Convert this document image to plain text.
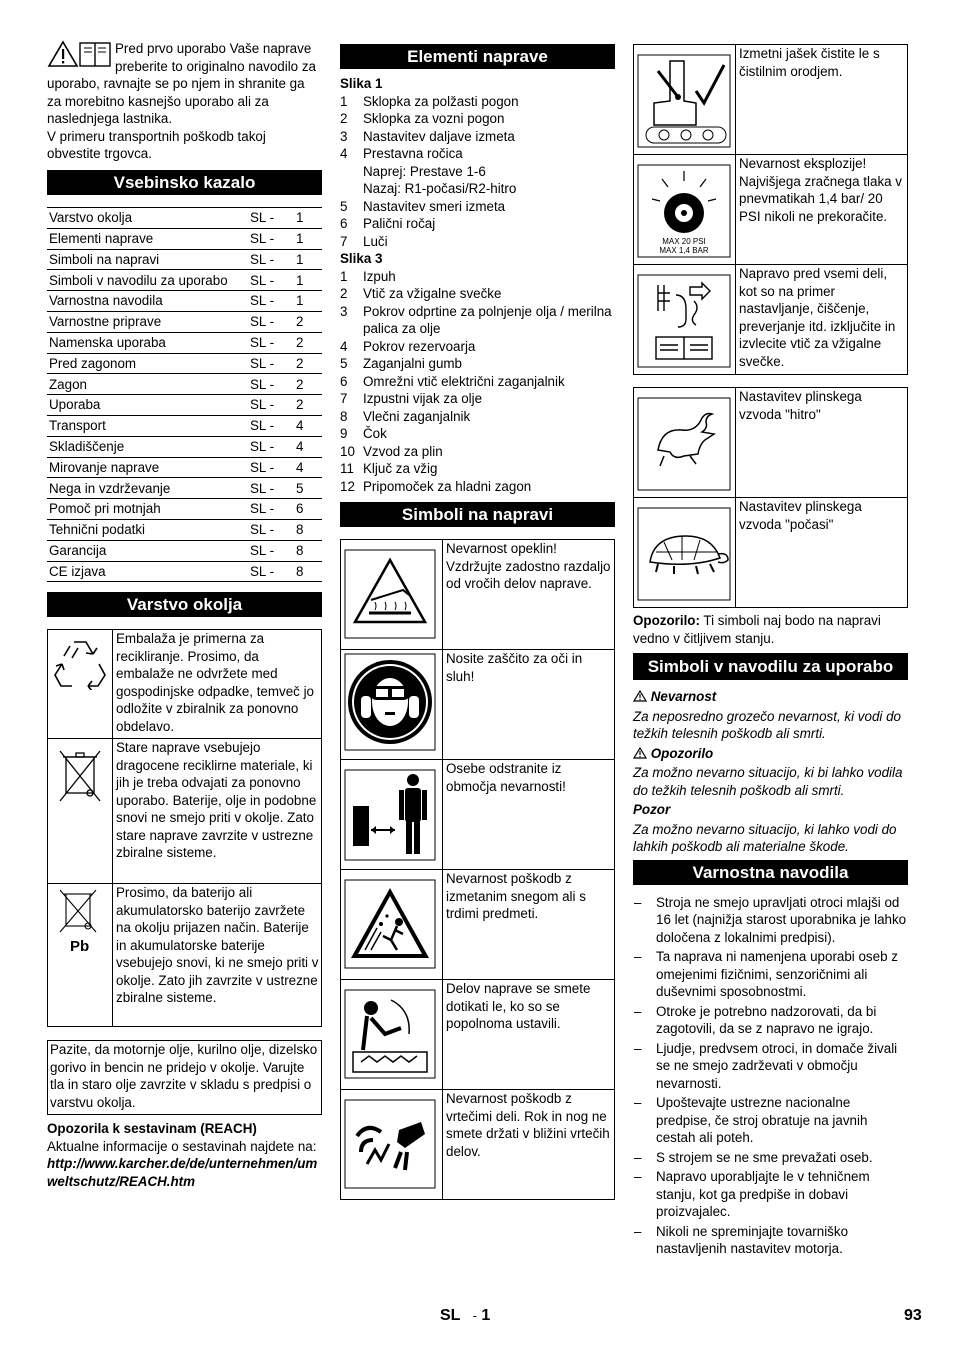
Pred prvo uporabo Vaše naprave preberite to originalno navodilo za uporabo, ravnajte se po njem in shranite ga za morebitno kasnejšo uporabo ali za naslednjega lastnika.

V primeru transportnih poškodb takoj obvestite trgovca.

Vsebinsko kazalo
Varstvo okolja	SL -	1
Elementi naprave	SL -	1
Simboli na napravi	SL -	1
Simboli v navodilu za uporabo	SL -	1
Varnostna navodila	SL -	1
Varnostne priprave	SL -	2
Namenska uporaba	SL -	2
Pred zagonom	SL -	2
Zagon	SL -	2
Uporaba	SL -	2
Transport	SL -	4
Skladiščenje	SL -	4
Mirovanje naprave	SL -	4
Nega in vzdrževanje	SL -	5
Pomoč pri motnjah	SL -	6
Tehnični podatki	SL -	8
Garancija	SL -	8
CE izjava	SL -	8
Varstvo okolja
	Embalaža je primerna za recikliranje. Prosimo, da embalaže ne odvržete med gospodinjske odpadke, temveč jo odložite v zbiralnik za ponovno obdelavo.

	Stare naprave vsebujejo dragocene reciklirne materiale, ki jih je treba odvajati za ponovno uporabo. Baterije, olje in podobne snovi ne smejo priti v okolje. Zato stare naprave zavrzite v ustrezne zbiralne sisteme.

Pb	Prosimo, da baterijo ali akumulatorsko baterijo zavržete na okolju prijazen način. Baterije in akumulatorske baterije vsebujejo snovi, ki ne smejo priti v okolje. Zato jih zavrzite v ustrezne zbiralne sisteme.
Pazite, da motornje olje, kurilno olje, dizelsko gorivo in bencin ne pridejo v okolje. Varujte tla in staro olje zavrzite v skladu s predpisi o varstvu okolja.

Opozorila k sestavinam (REACH)

Aktualne informacije o sestavinah najdete na:

http://www.karcher.de/de/unternehmen/umweltschutz/REACH.htm

Elementi naprave

Slika 1

1 Sklopka za polžasti pogon
2 Sklopka za vozni pogon
3 Nastavitev daljave izmeta
4 Prestavna ročica
Naprej: Prestave 1-6
Nazaj: R1-počasi/R2-hitro
5 Nastavitev smeri izmeta
6 Palični ročaj
7 Luči

Slika 3

1 Izpuh
2 Vtič za vžigalne svečke
3 Pokrov odprtine za polnjenje olja / merilna palica za olje
4 Pokrov rezervoarja
5 Zaganjalni gumb
6 Omrežni vtič električni zaganjalnik
7 Izpustni vijak za olje
8 Vlečni zaganjalnik
9 Čok
10 Vzvod za plin
11 Ključ za vžig
12 Pripomoček za hladni zagon
Simboli na napravi
	Nevarnost opeklin! Vzdržujte zadostno razdaljo od vročih delov naprave.

	Nosite zaščito za oči in sluh!

	Osebe odstranite iz območja nevarnosti!

	Nevarnost poškodb z izmetanim snegom ali s trdimi predmeti.

	Delov naprave se smete dotikati le, ko so se popolnoma ustavili.

	Nevarnost poškodb z vrtečimi deli. Rok in nog ne smete držati v bližini vrtečih delov.
	Izmetni jašek čistite le s čistilnim orodjem.

MAX 20 PSI
MAX 1,4 BAR	Nevarnost eksplozije! Najvišjega zračnega tlaka v pnevmatikah 1,4 bar/ 20 PSI nikoli ne prekoračite.

	Napravo pred vsemi deli, kot so na primer nastavljanje, čiščenje, preverjanje itd. izključite in izvlecite vtič za vžigalne svečke.
	Nastavitev plinskega vzvoda "hitro"

	Nastavitev plinskega vzvoda "počasi"

Opozorilo: Ti simboli naj bodo na napravi vedno v čitljivem stanju.

Simboli v navodilu za uporabo

Nevarnost

Za neposredno grozečo nevarnost, ki vodi do težkih telesnih poškodb ali smrti.

Opozorilo

Za možno nevarno situacijo, ki bi lahko vodila do težkih telesnih poškodb ali smrti.

Pozor

Za možno nevarno situacijo, ki lahko vodi do lahkih poškodb ali materialne škode.

Varnostna navodila
– Stroja ne smejo upravljati otroci mlajši od 16 let (najnižja starost uporabnika je lahko določena z lokalnimi predpisi).
– Ta naprava ni namenjena uporabi oseb z omejenimi fizičnimi, senzoričnimi ali duševnimi sposobnostmi.
– Otroke je potrebno nadzorovati, da bi zagotovili, da se z napravo ne igrajo.
– Ljudje, predvsem otroci, in domače živali se ne smejo zadrževati v območju nevarnosti.
– Upoštevajte ustrezne nacionalne predpise, če stroj obratuje na javnih cestah ali poteh.
– S strojem se ne sme prevažati oseb.
– Napravo uporabljajte le v tehničnem stanju, kot ga predpiše in dobavi proizvajalec.
– Nikoli ne spreminjajte tovarniško nastavljenih nastavitev motorja.
SL - 1	93
